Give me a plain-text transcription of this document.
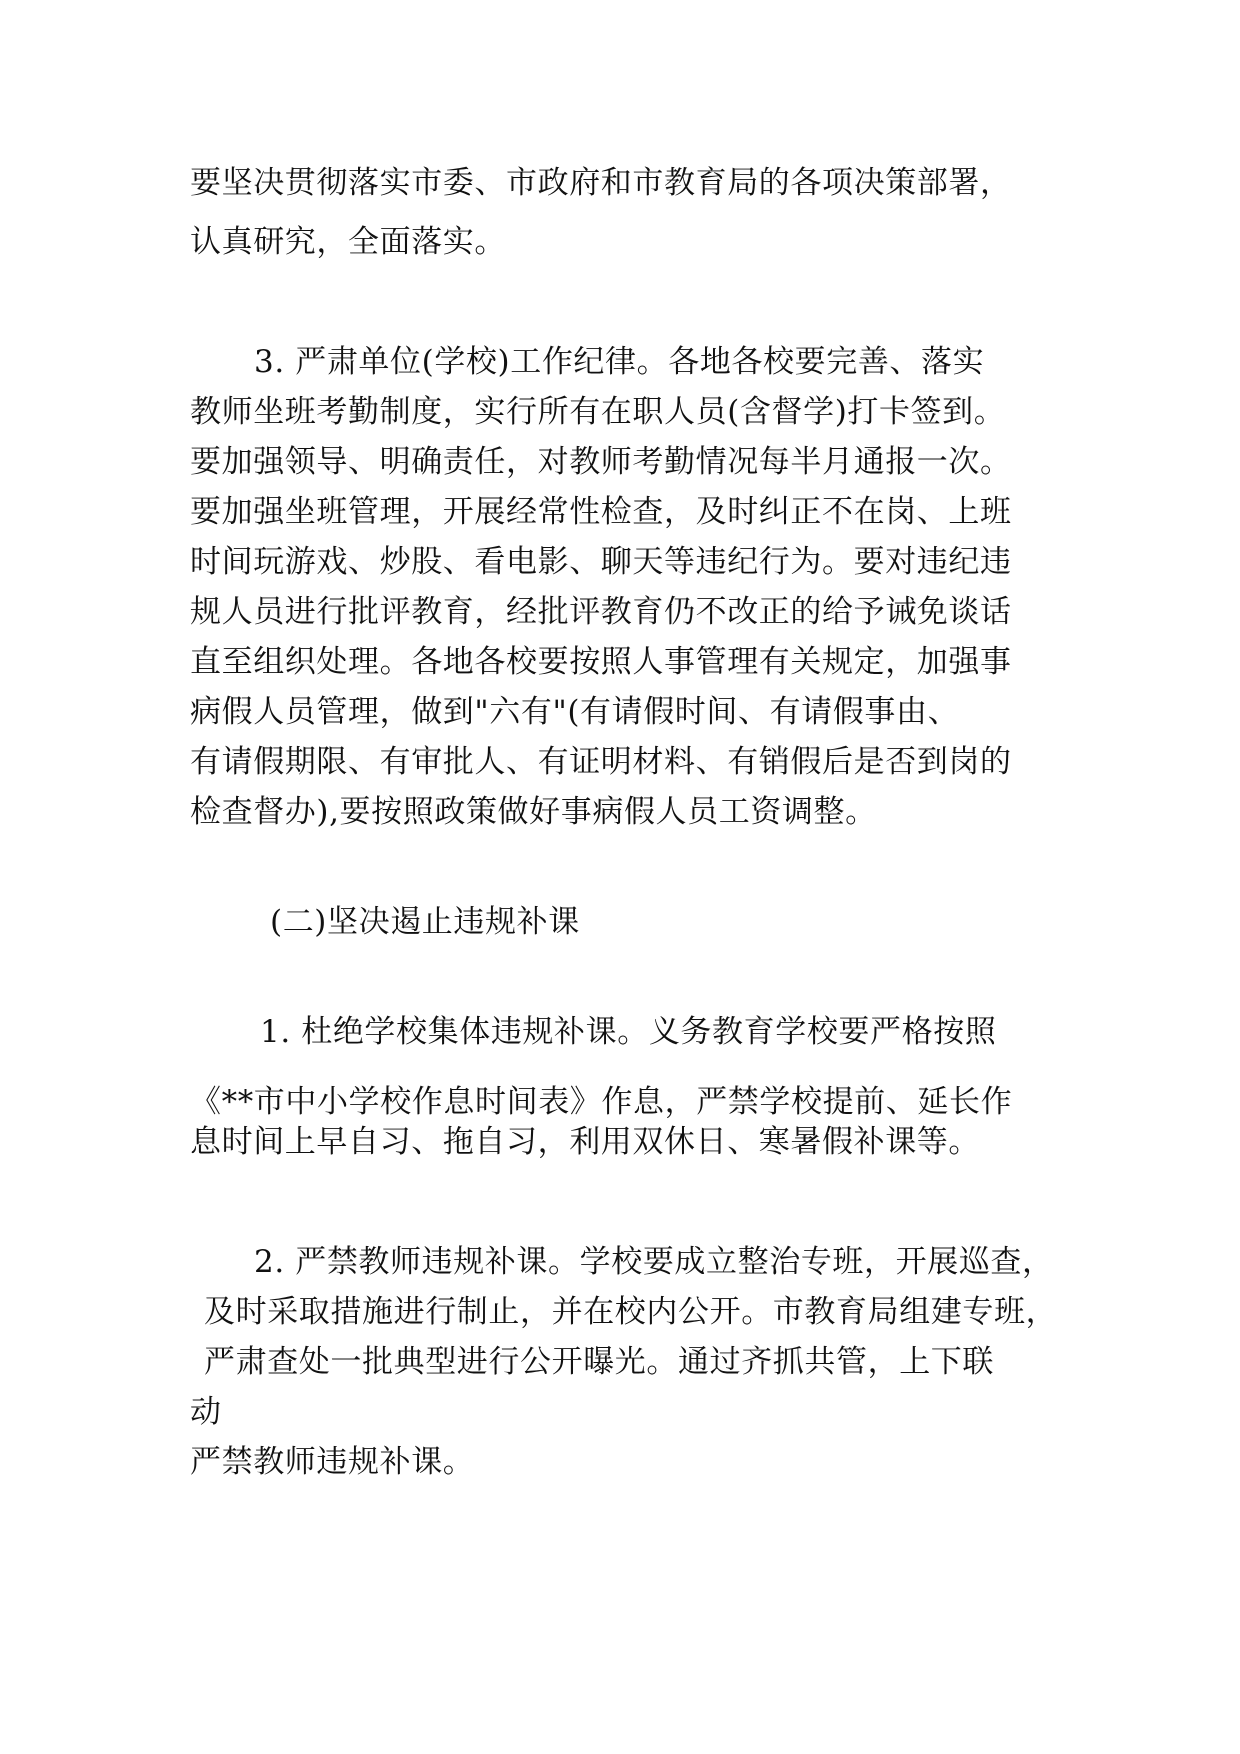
要坚决贯彻落实市委、市政府和市教育局的各项决策部署，
认真研究，全面落实。
3. 严肃单位(学校)工作纪律。各地各校要完善、落实
教师坐班考勤制度，实行所有在职人员(含督学)打卡签到。
要加强领导、明确责任，对教师考勤情况每半月通报一次。
要加强坐班管理，开展经常性检查，及时纠正不在岗、上班
时间玩游戏、炒股、看电影、聊天等违纪行为。要对违纪违
规人员进行批评教育，经批评教育仍不改正的给予诫免谈话
直至组织处理。各地各校要按照人事管理有关规定，加强事
病假人员管理，做到"六有"(有请假时间、有请假事由、
有请假期限、有审批人、有证明材料、有销假后是否到岗的
检查督办),要按照政策做好事病假人员工资调整。
(二)坚决遏止违规补课
1. 杜绝学校集体违规补课。义务教育学校要严格按照
《**市中小学校作息时间表》作息，严禁学校提前、延长作
息时间上早自习、拖自习，利用双休日、寒暑假补课等。
2. 严禁教师违规补课。学校要成立整治专班，开展巡查，
及时采取措施进行制止，并在校内公开。市教育局组建专班，
严肃查处一批典型进行公开曝光。通过齐抓共管，上下联
动
严禁教师违规补课。
